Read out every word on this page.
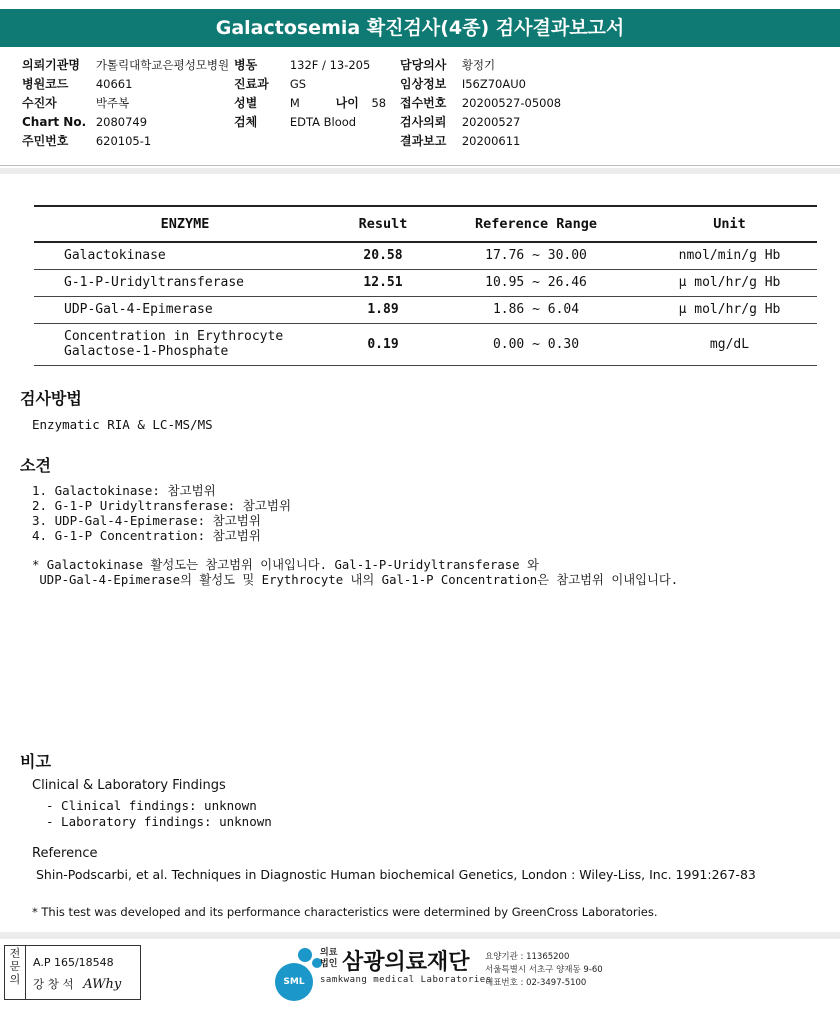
Galactosemia 확진검사(4종) 검사결과보고서
의뢰기관명 가톨릭대학교은평성모병원 병동	132F / 13-205 담당의사 황정기
병원코드 40661	진료과 GS	임상정보 I56Z70AU0
수진자	박주복	성별	M	나이 58 접수번호 20200527-05008
Chart No. 2080749	검체	EDTA Blood	검사의뢰 20200527
주민번호 620105-1	결과보고 20200611
ENZYME	Result	Reference Range	Unit
Galactokinase	20.58	17.76 ~ 30.00	nmol/min/g Hb
G-1-P-Uridyltransferase	12.51	10.95 ~ 26.46	μ mol/hr/g Hb
UDP-Gal-4-Epimerase	1.89	1.86 ~ 6.04	μ mol/hr/g Hb

Concentration in Erythrocyte
Galactose-1-Phosphate	0.19	0.00 ~ 0.30	mg/dL
검사방법
Enzymatic RIA & LC-MS/MS
소견
1. Galactokinase: 참고범위
2. G-1-P Uridyltransferase: 참고범위
3. UDP-Gal-4-Epimerase: 참고범위
4. G-1-P Concentration: 참고범위
* Galactokinase 활성도는 참고범위 이내입니다. Gal-1-P-Uridyltransferase 와
UDP-Gal-4-Epimerase의 활성도 및 Erythrocyte 내의 Gal-1-P Concentration은 참고범위 이내입니다.
비고
Clinical & Laboratory Findings
- Clinical findings: unknown
- Laboratory findings: unknown
Reference
Shin-Podscarbi, et al. Techniques in Diagnostic Human biochemical Genetics, London : Wiley-Liss, Inc. 1991:267-83
* This test was developed and its performance characteristics were determined by GreenCross Laboratories.
전
문
의
A.P 165/18548
강 창 석 AWhy	SML
의료
법인 삼광의료재단
samkwang medical Laboratories
요양기관 : 11365200
서울특별시 서초구 양재동 9-60
대표번호 : 02-3497-5100
